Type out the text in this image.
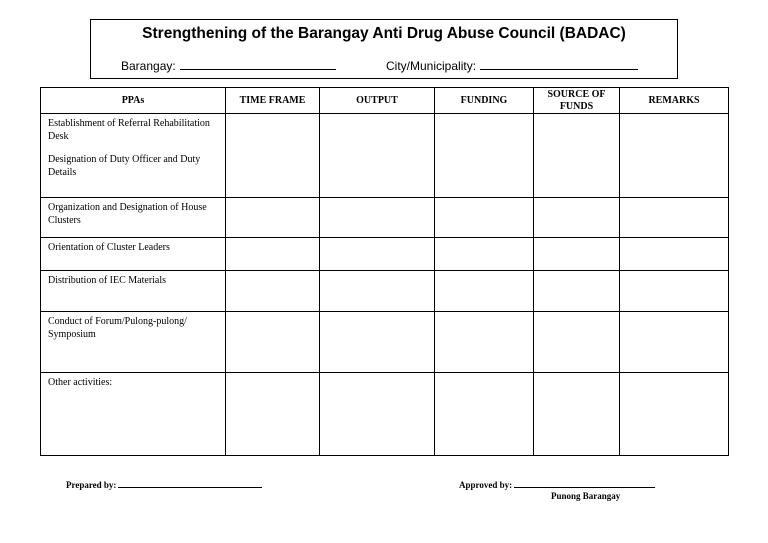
Strengthening of the Barangay Anti Drug Abuse Council (BADAC)
Barangay:	City/Municipality:
PPAs	TIME FRAME	OUTPUT	FUNDING	SOURCE OF FUNDS	REMARKS

Establishment of Referral Rehabilitation Desk

Designation of Duty Officer and Duty Details					

Organization and Designation of House Clusters					

Orientation of Cluster Leaders					

Distribution of IEC Materials					

Conduct of Forum/Pulong-pulong/ Symposium					

Other activities:					

Prepared by:	Approved by:
Punong Barangay
